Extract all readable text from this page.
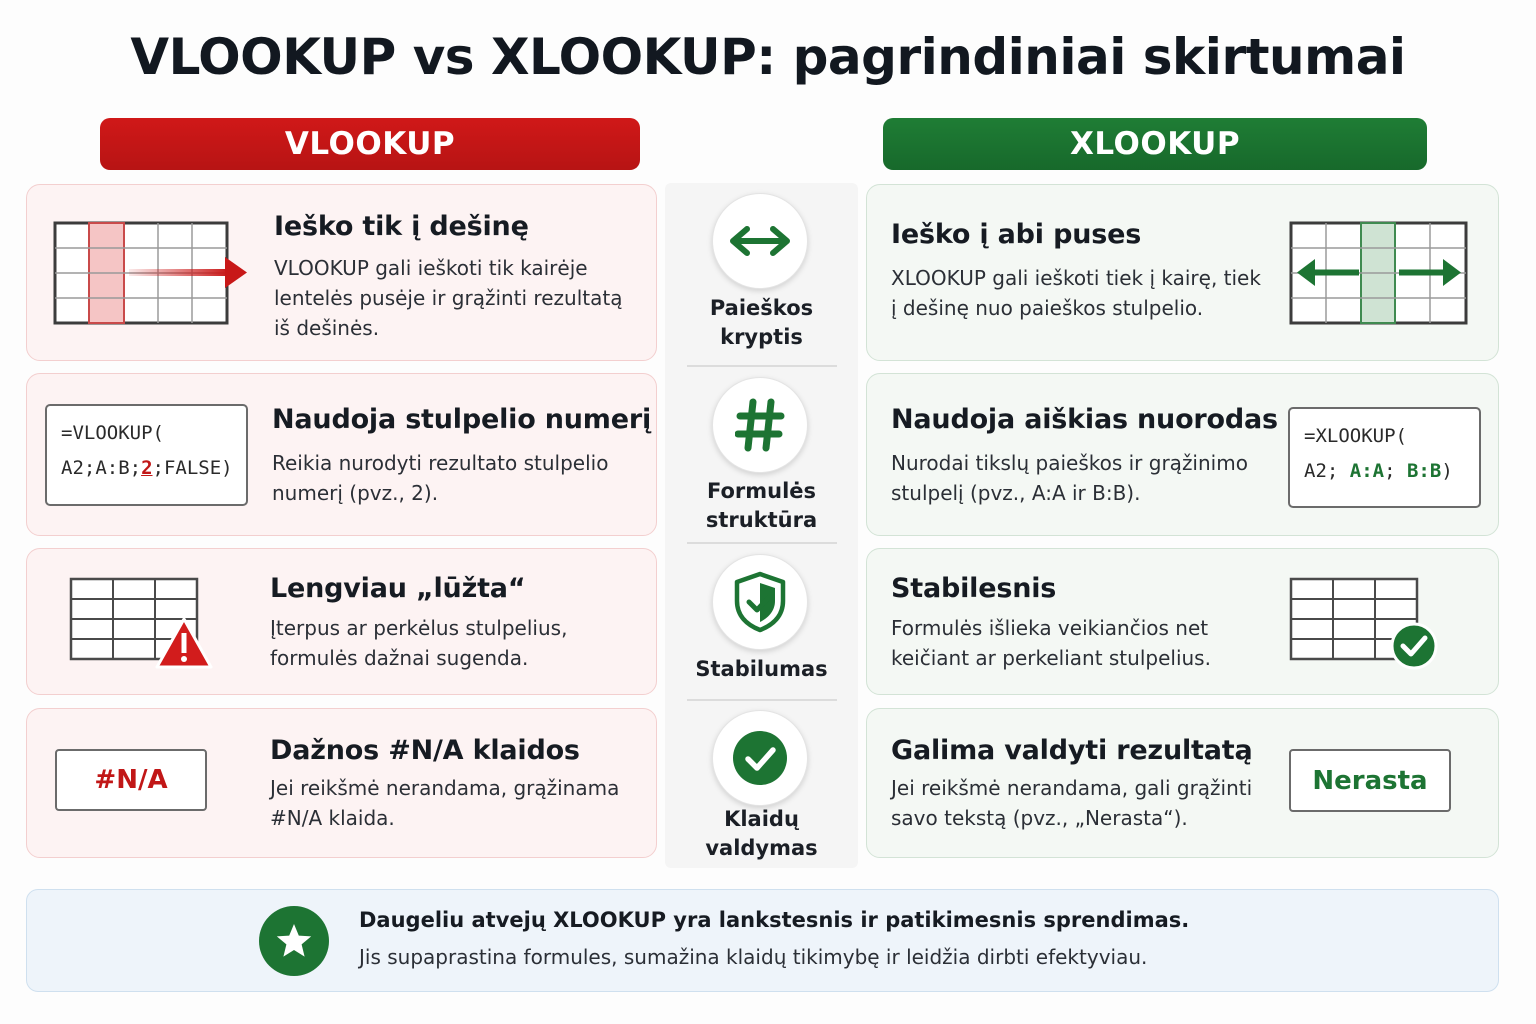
VLOOKUP vs XLOOKUP: pagrindiniai skirtumai
VLOOKUP	XLOOKUP
Ieško tik į dešinę

VLOOKUP gali ieškoti tik kairėje lentelės pusėje ir grąžinti rezultatą iš dešinės.

=VLOOKUP(
A2;A:B;2;FALSE)
Naudoja stulpelio numerį

Reikia nurodyti rezultato stulpelio numerį (pvz., 2).

Lengviau „lūžta“

Įterpus ar perkėlus stulpelius, formulės dažnai sugenda.

#N/A
Dažnos #N/A klaidos

Jei reikšmė nerandama, grąžinama #N/A klaida.

Paieškos
kryptis
Formulės
struktūra
Stabilumas
Klaidų
valdymas
Ieško į abi puses

XLOOKUP gali ieškoti tiek į kairę, tiek į dešinę nuo paieškos stulpelio.

Naudoja aiškias nuorodas

Nurodai tikslų paieškos ir grąžinimo stulpelį (pvz., A:A ir B:B).

=XLOOKUP(
A2; A:A; B:B)
Stabilesnis

Formulės išlieka veikiančios net keičiant ar perkeliant stulpelius.

Galima valdyti rezultatą

Jei reikšmė nerandama, gali grąžinti savo tekstą (pvz., „Nerasta“).

Nerasta
Daugeliu atvejų XLOOKUP yra lankstesnis ir patikimesnis sprendimas.
Jis supaprastina formules, sumažina klaidų tikimybę ir leidžia dirbti efektyviau.
